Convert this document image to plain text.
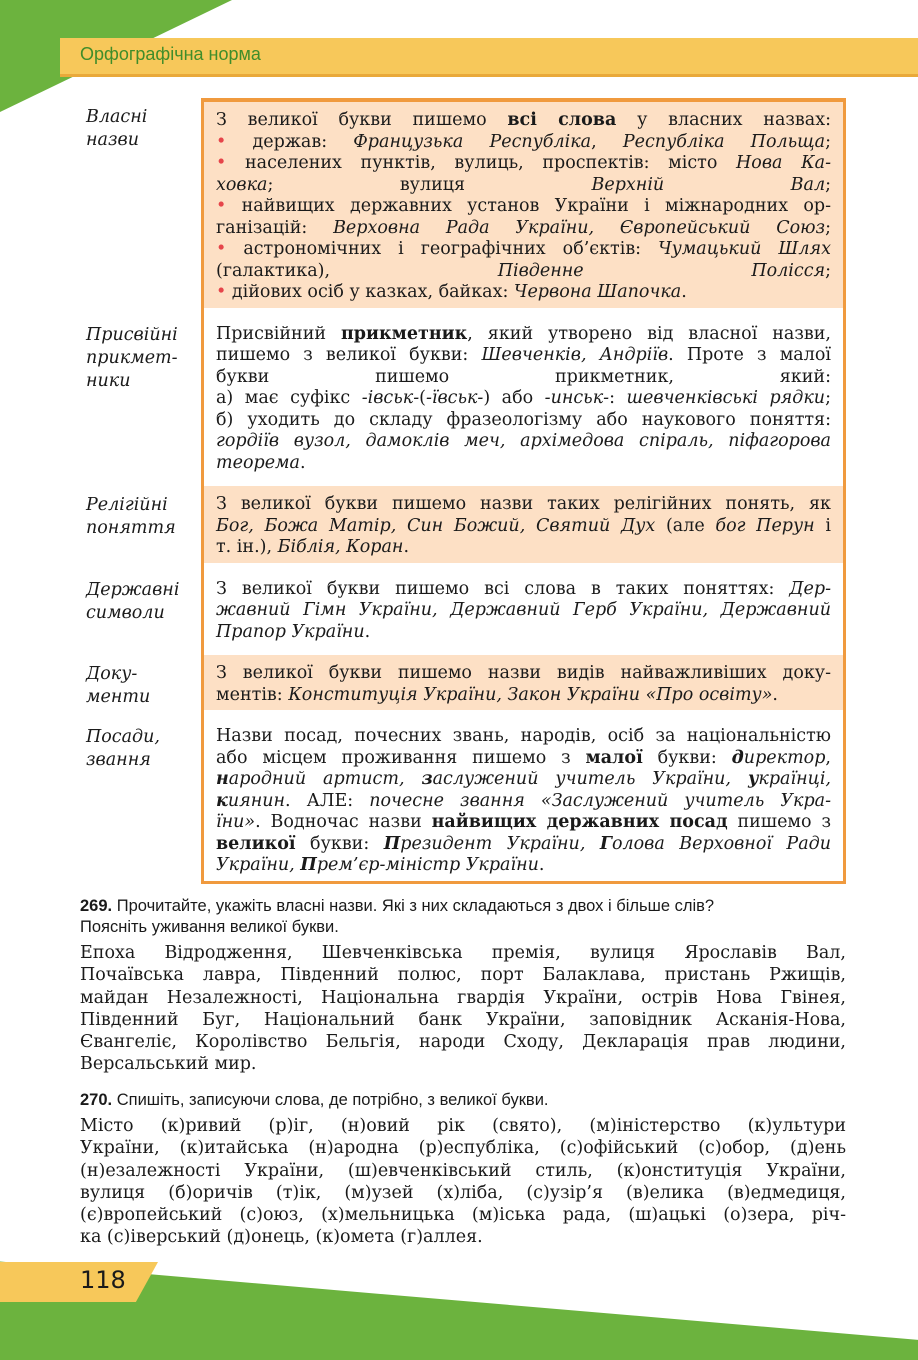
Орфографічна норма
Власні
назви
З великої букви пишемо всі слова у власних назвах:
• держав: Французька Республіка, Республіка Польща;
• населених пунктів, вулиць, проспектів: місто Нова Ка-
ховка; вулиця Верхній Вал;
• найвищих державних установ України і міжнародних ор-
ганізацій: Верховна Рада України, Європейський Союз;
• астрономічних і географічних об’єктів: Чумацький Шлях
(галактика), Південне Полісся;
• дійових осіб у казках, байках: Червона Шапочка.
Присвійні
прикмет-
ники
Присвійний прикметник, який утворено від власної назви,
пишемо з великої букви: Шевченків, Андріїв. Проте з малої
букви пишемо прикметник, який:
а) має суфікс -івськ-(-ївськ-) або -инськ-: шевченківські рядки;
б) уходить до складу фразеологізму або наукового поняття:
гордіїв вузол, дамоклів меч, архімедова спіраль, піфагорова
теорема.
Релігійні
поняття
З великої букви пишемо назви таких релігійних понять, як
Бог, Божа Матір, Син Божий, Святий Дух (але бог Перун і
т. ін.), Біблія, Коран.
Державні
символи
З великої букви пишемо всі слова в таких поняттях: Дер-
жавний Гімн України, Державний Герб України, Державний
Прапор України.
Доку-
менти
З великої букви пишемо назви видів найважливіших доку-
ментів: Конституція України, Закон України «Про освіту».
Посади,
звання
Назви посад, почесних звань, народів, осіб за національністю
або місцем проживання пишемо з малої букви: директор,
народний артист, заслужений учитель України, українці,
киянин. АЛЕ: почесне звання «Заслужений учитель Укра-
їни». Водночас назви найвищих державних посад пишемо з
великої букви: Президент України, Голова Верховної Ради
України, Прем’єр-міністр України.
269. Прочитайте, укажіть власні назви. Які з них складаються з двох і більше слів?
Поясніть уживання великої букви.
Епоха Відродження, Шевченківська премія, вулиця Ярославів Вал,
Почаївська лавра, Південний полюс, порт Балаклава, пристань Ржищів,
майдан Незалежності, Національна гвардія України, острів Нова Гвінея,
Південний Буг, Національний банк України, заповідник Асканія-Нова,
Євангеліє, Королівство Бельгія, народи Сходу, Декларація прав людини,
Версальський мир.
270. Спишіть, записуючи слова, де потрібно, з великої букви.
Місто (к)ривий (р)іг, (н)овий рік (свято), (м)іністерство (к)ультури
України, (к)итайська (н)ародна (р)еспубліка, (с)офійський (с)обор, (д)ень
(н)езалежності України, (ш)евченківський стиль, (к)онституція України,
вулиця (б)оричів (т)ік, (м)узей (х)ліба, (с)узір’я (в)елика (в)едмедиця,
(є)вропейський (с)оюз, (х)мельницька (м)іська рада, (ш)ацькі (о)зера, річ-
ка (с)іверський (д)онець, (к)омета (г)аллея.
118
